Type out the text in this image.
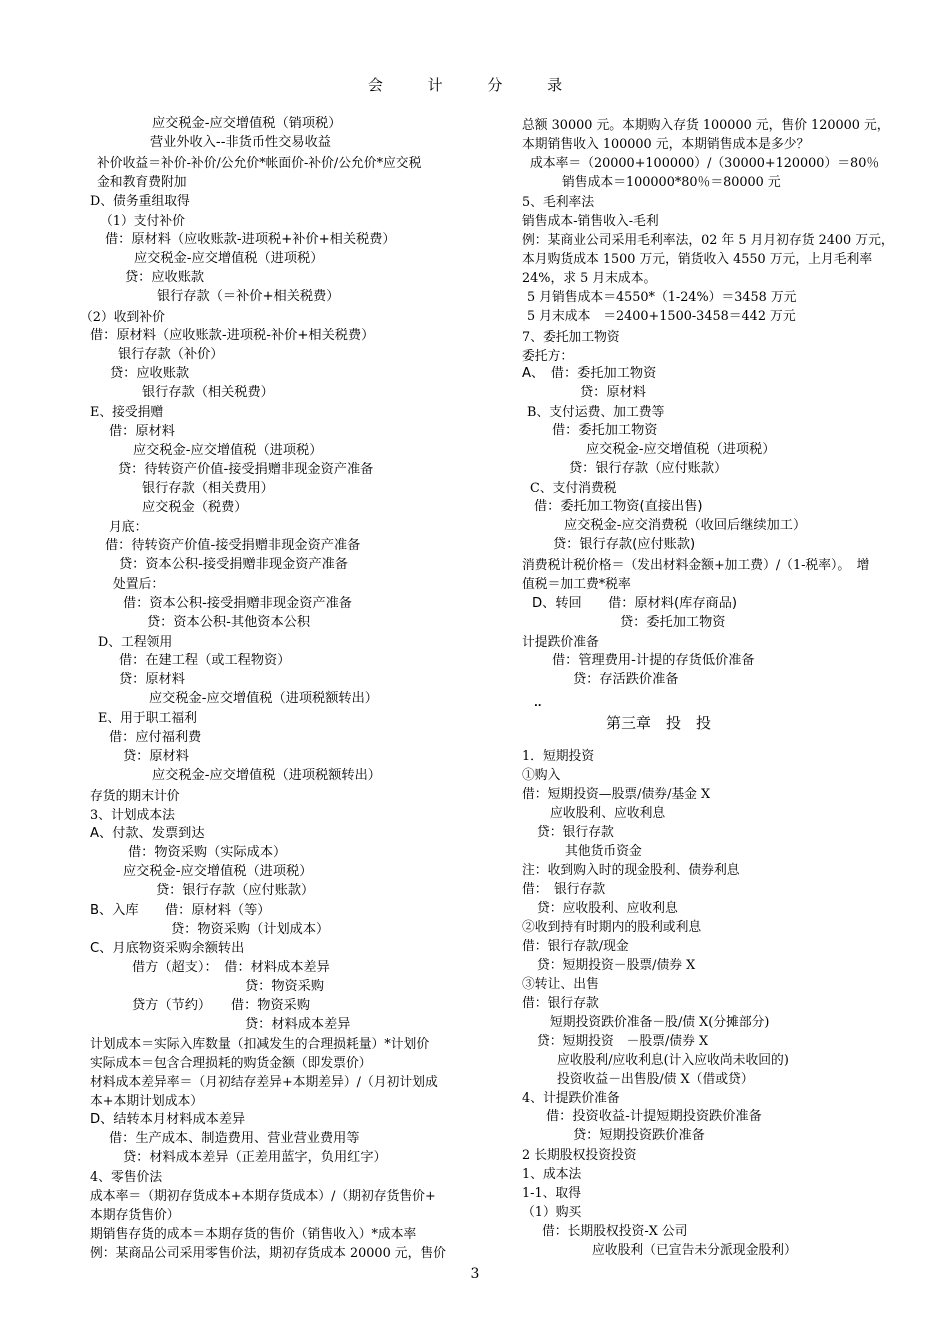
会 计 分 录
应交税金-应交增值税（销项税）
营业外收入--非货币性交易收益
补价收益＝补价-补价/公允价*帐面价-补价/公允价*应交税
金和教育费附加
D、债务重组取得
（1）支付补价
借：原材料（应收账款-进项税+补价+相关税费）
应交税金-应交增值税（进项税）
贷：应收账款
银行存款（＝补价+相关税费）
（2）收到补价
借：原材料（应收账款-进项税-补价+相关税费）
银行存款（补价）
贷：应收账款
银行存款（相关税费）
E、接受捐赠
借：原材料
应交税金-应交增值税（进项税）
贷：待转资产价值-接受捐赠非现金资产准备
银行存款（相关费用）
应交税金（税费）
月底：
借：待转资产价值-接受捐赠非现金资产准备
贷：资本公积-接受捐赠非现金资产准备
处置后：
借：资本公积-接受捐赠非现金资产准备
贷：资本公积-其他资本公积
D、工程领用
借：在建工程（或工程物资）
贷：原材料
应交税金-应交增值税（进项税额转出）
E、用于职工福利
借：应付福利费
贷：原材料
应交税金-应交增值税（进项税额转出）
存货的期末计价
3、计划成本法
A、付款、发票到达
借：物资采购（实际成本）
应交税金-应交增值税（进项税）
贷：银行存款（应付账款）
B、入库　　借：原材料（等）
贷：物资采购（计划成本）
C、月底物资采购余额转出
借方（超支）：　借：材料成本差异
贷：物资采购
贷方（节约）　　借：物资采购
贷：材料成本差异
计划成本＝实际入库数量（扣减发生的合理损耗量）*计划价
实际成本＝包含合理损耗的购货金额（即发票价）
材料成本差异率＝（月初结存差异+本期差异）/（月初计划成
本+本期计划成本）
D、结转本月材料成本差异
借：生产成本、制造费用、营业营业费用等
贷：材料成本差异（正差用蓝字，负用红字）
4、零售价法
成本率＝（期初存货成本+本期存货成本）/（期初存货售价+
本期存货售价）
期销售存货的成本＝本期存货的售价（销售收入）*成本率
例：某商品公司采用零售价法，期初存货成本 20000 元，售价
总额 30000 元。本期购入存货 100000 元，售价 120000 元，
本期销售收入 100000 元，本期销售成本是多少？
成本率＝（20000+100000）/（30000+120000）＝80％
销售成本＝100000*80％＝80000 元
5、毛利率法
销售成本-销售收入-毛利
例：某商业公司采用毛利率法，02 年 5 月月初存货 2400 万元，
本月购货成本 1500 万元，销货收入 4550 万元，上月毛利率
24%，求 5 月末成本。
5 月销售成本＝4550*（1-24%）＝3458 万元
5 月末成本　＝2400+1500-3458＝442 万元
7、委托加工物资
委托方：
A、　借：委托加工物资
贷：原材料
B、支付运费、加工费等
借：委托加工物资
应交税金-应交增值税（进项税）
贷：银行存款（应付账款）
C、支付消费税
借：委托加工物资(直接出售)
应交税金-应交消费税（收回后继续加工）
贷：银行存款(应付账款)
消费税计税价格＝（发出材料金额+加工费）/（1-税率）。　增
值税＝加工费*税率
D、转回　　借：原材料(库存商品)
贷：委托加工物资
计提跌价准备
借：管理费用-计提的存货低价准备
贷：存活跌价准备
..
第三章　投　投
1．短期投资
①购入
借：短期投资—股票/债券/基金 X
应收股利、应收利息
贷：银行存款
其他货币资金
注：收到购入时的现金股利、债券利息
借：　银行存款
贷：应收股利、应收利息
②收到持有时期内的股利或利息
借：银行存款/现金
贷：短期投资－股票/债券 X
③转让、出售
借：银行存款
短期投资跌价准备－股/债 X(分摊部分)
贷：短期投资　－股票/债券 X
应收股利/应收利息(计入应收尚未收回的)
投资收益－出售股/债 X（借或贷）
4、计提跌价准备
借：投资收益-计提短期投资跌价准备
贷：短期投资跌价准备
2 长期股权投资投资
1、成本法
1-1、取得
（1）购买
借：长期股权投资-X 公司
应收股利（已宣告未分派现金股利）
3
